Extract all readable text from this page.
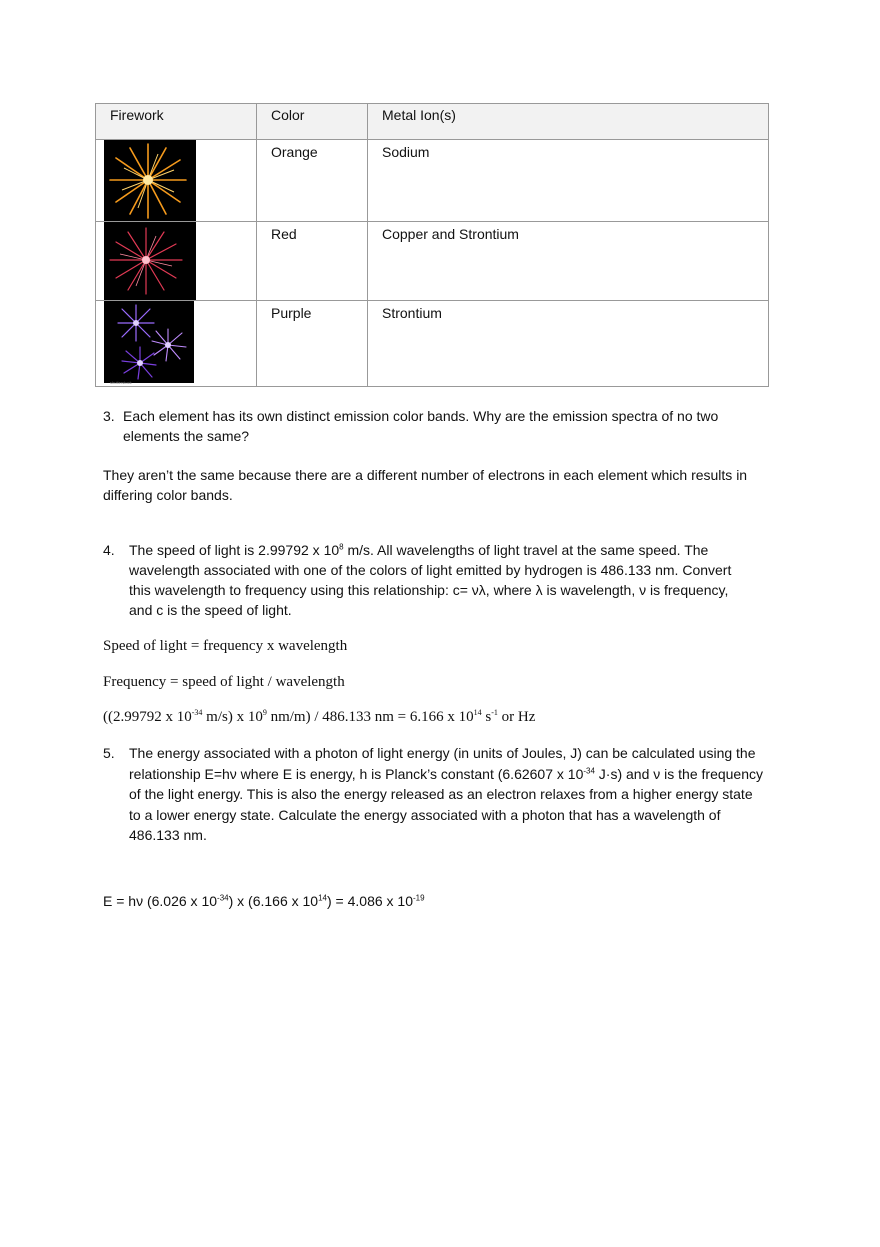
Firework	Color	Metal Ion(s)

	Orange	Sodium

	Red	Copper and Strontium

shutterstock	Purple	Strontium
3. Each element has its own distinct emission color bands. Why are the emission spectra of no two elements the same?
They aren’t the same because there are a different number of electrons in each element which results in differing color bands.
4. The speed of light is 2.99792 x $10^8$ m/s. All wavelengths of light travel at the same speed. The wavelength associated with one of the colors of light emitted by hydrogen is 486.133 nm. Convert this wavelength to frequency using this relationship: c= νλ, where λ is wavelength, ν is frequency, and c is the speed of light.
Speed of light = frequency x wavelength
Frequency = speed of light / wavelength
((2.99792 x $10^{-34}$ m/s) x $10^9$ nm/m) / 486.133 nm = 6.166 x $10^{14}$ $s^{-1}$ or Hz
5. The energy associated with a photon of light energy (in units of Joules, J) can be calculated using the relationship E=hν where E is energy, h is Planck’s constant (6.62607 x $10^{-34}$ J·s) and ν is the frequency of the light energy. This is also the energy released as an electron relaxes from a higher energy state to a lower energy state. Calculate the energy associated with a photon that has a wavelength of 486.133 nm.
E = hν (6.026 x $10^{-34}$) x (6.166 x $10^{14}) = 4.086$ x $10^{-19}$
